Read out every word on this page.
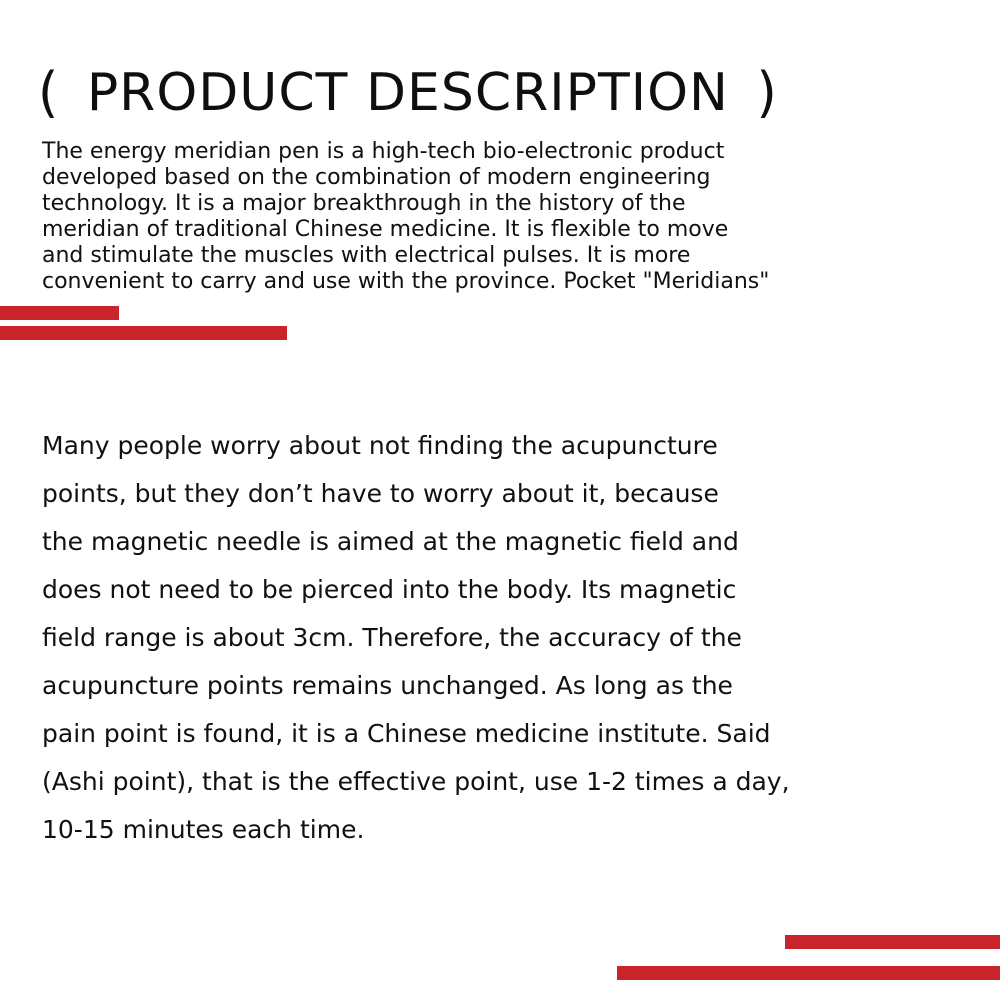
( PRODUCT DESCRIPTION )

The energy meridian pen is a high-tech bio-electronic product
developed based on the combination of modern engineering
technology. It is a major breakthrough in the history of the
meridian of traditional Chinese medicine. It is flexible to move
and stimulate the muscles with electrical pulses. It is more
convenient to carry and use with the province. Pocket "Meridians"

Many people worry about not finding the acupuncture
points, but they don’t have to worry about it, because
the magnetic needle is aimed at the magnetic field and
does not need to be pierced into the body. Its magnetic
field range is about 3cm. Therefore, the accuracy of the
acupuncture points remains unchanged. As long as the
pain point is found, it is a Chinese medicine institute. Said
(Ashi point), that is the effective point, use 1-2 times a day,
10-15 minutes each time.
